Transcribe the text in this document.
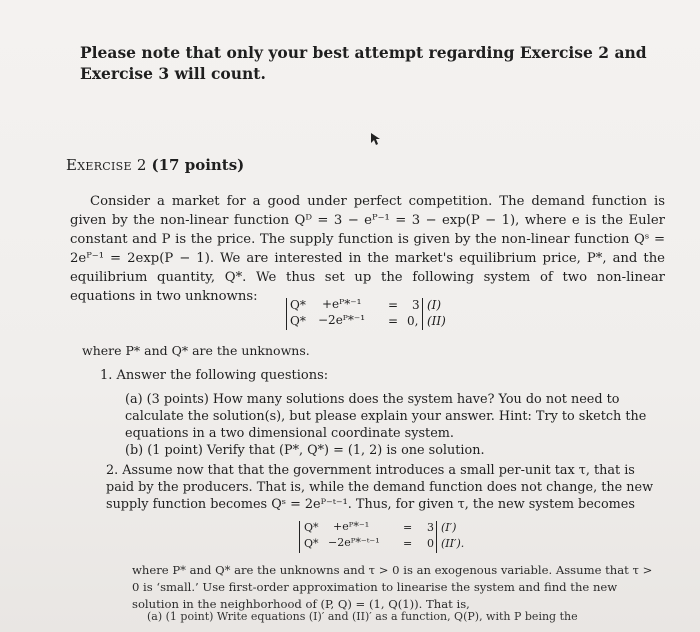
Please note that only your best attempt regarding Exercise 2 and Exercise 3 will count.
Exercise 2 (17 points)
Consider a market for a good under perfect competition. The demand function is given by the non-linear function Qᴰ = 3 − eᴾ⁻¹ = 3 − exp(P − 1), where e is the Euler constant and P is the price. The supply function is given by the non-linear function Qˢ = 2eᴾ⁻¹ = 2exp(P − 1). We are interested in the market's equilibrium price, P*, and the equilibrium quantity, Q*. We thus set up the following system of two non-linear equations in two unknowns:
Q* +eᴾ*⁻¹ = 3 (I)
Q* −2eᴾ*⁻¹ = 0, (II)
where P* and Q* are the unknowns.
1. Answer the following questions:
(a) (3 points) How many solutions does the system have? You do not need to calculate the solution(s), but please explain your answer. Hint: Try to sketch the equations in a two dimensional coordinate system.
(b) (1 point) Verify that (P*, Q*) = (1, 2) is one solution.
2. Assume now that that the government introduces a small per-unit tax τ, that is paid by the producers. That is, while the demand function does not change, the new supply function becomes Qˢ = 2eᴾ⁻ᵗ⁻¹. Thus, for given τ, the new system becomes
Q* +eᴾ*⁻¹	= 3 (I′)
Q* −2eᴾ*⁻ᵗ⁻¹ = 0 (II′).
where P* and Q* are the unknowns and τ > 0 is an exogenous variable. Assume that τ > 0 is ‘small.’ Use first-order approximation to linearise the system and find the new solution in the neighborhood of (P, Q) = (1, Q(1)). That is,
(a) (1 point) Write equations (I)′ and (II)′ as a function, Q(P), with P being the
